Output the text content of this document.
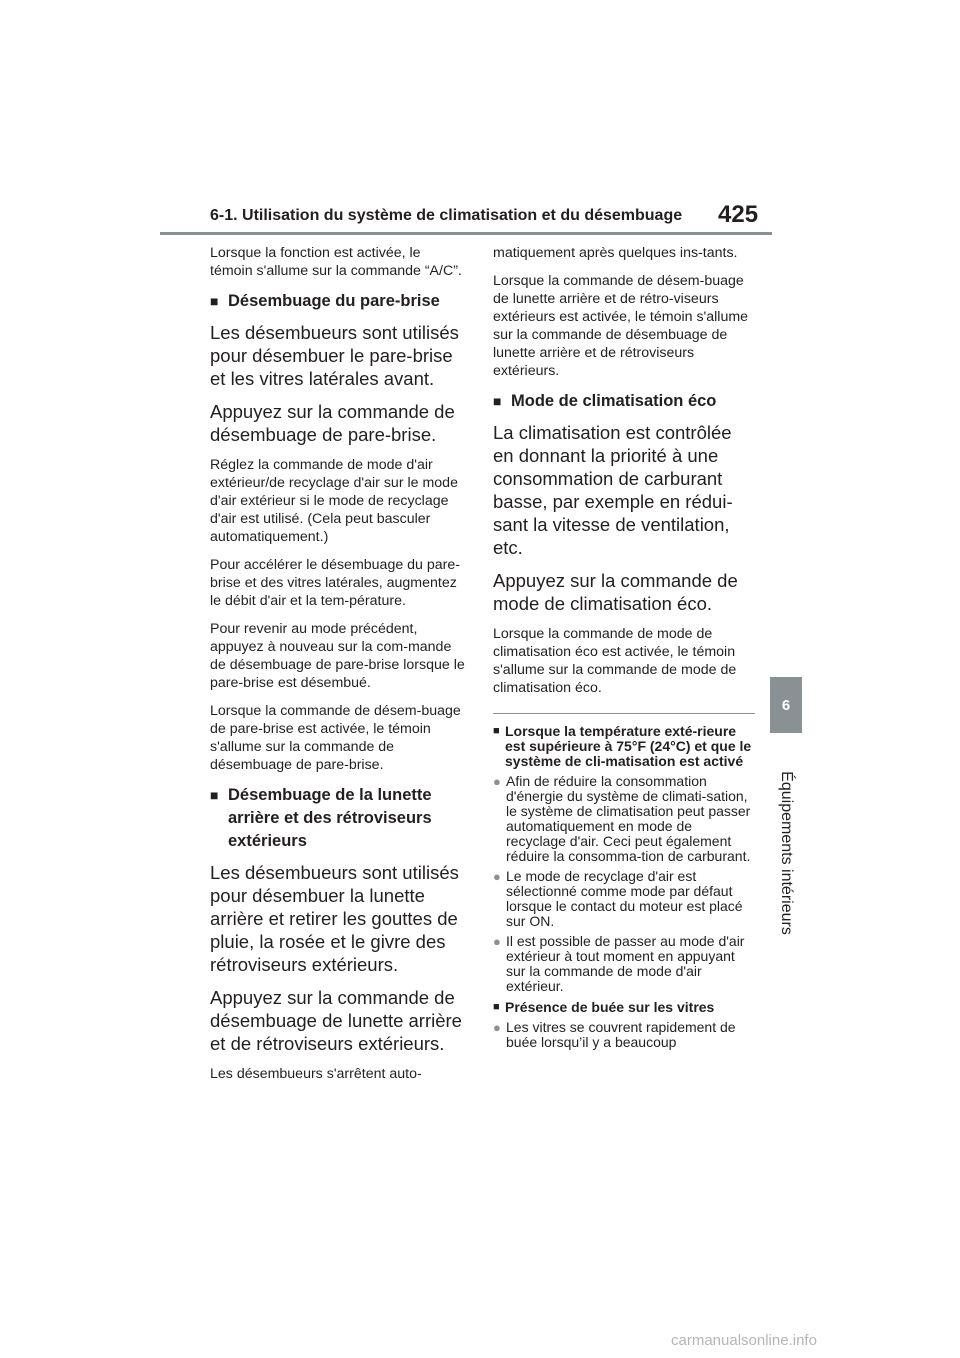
6-1. Utilisation du système de climatisation et du désembuage 425
6
Équipements intérieurs

Lorsque la fonction est activée, le témoin s'allume sur la commande “A/C”.

■ Désembuage du pare-brise

Les désembueurs sont utilisés pour désembuer le pare-brise et les vitres latérales avant.

Appuyez sur la commande de désembuage de pare-brise.

Réglez la commande de mode d'air extérieur/de recyclage d'air sur le mode d'air extérieur si le mode de recyclage d'air est utilisé. (Cela peut basculer automatiquement.)

Pour accélérer le désembuage du pare-brise et des vitres latérales, augmentez le débit d'air et la tem-pérature.

Pour revenir au mode précédent, appuyez à nouveau sur la com-mande de désembuage de pare-brise lorsque le pare-brise est désembué.

Lorsque la commande de désem-buage de pare-brise est activée, le témoin s'allume sur la commande de désembuage de pare-brise.

■ Désembuage de la lunette arrière et des rétroviseurs extérieurs

Les désembueurs sont utilisés pour désembuer la lunette arrière et retirer les gouttes de pluie, la rosée et le givre des rétroviseurs extérieurs.

Appuyez sur la commande de désembuage de lunette arrière et de rétroviseurs extérieurs.

Les désembueurs s'arrêtent auto-

matiquement après quelques ins-tants.

Lorsque la commande de désem-buage de lunette arrière et de rétro-viseurs extérieurs est activée, le témoin s'allume sur la commande de désembuage de lunette arrière et de rétroviseurs extérieurs.

■ Mode de climatisation éco

La climatisation est contrôlée en donnant la priorité à une consommation de carburant basse, par exemple en rédui-sant la vitesse de ventilation, etc.

Appuyez sur la commande de mode de climatisation éco.

Lorsque la commande de mode de climatisation éco est activée, le témoin s'allume sur la commande de mode de climatisation éco.

■ Lorsque la température exté-rieure est supérieure à 75°F (24°C) et que le système de cli-matisation est activé
● Afin de réduire la consommation d'énergie du système de climati-sation, le système de climatisation peut passer automatiquement en mode de recyclage d'air. Ceci peut également réduire la consomma-tion de carburant.
● Le mode de recyclage d'air est sélectionné comme mode par défaut lorsque le contact du moteur est placé sur ON.
● Il est possible de passer au mode d'air extérieur à tout moment en appuyant sur la commande de mode d'air extérieur.
■ Présence de buée sur les vitres
● Les vitres se couvrent rapidement de buée lorsqu’il y a beaucoup
carmanualsonline.info
